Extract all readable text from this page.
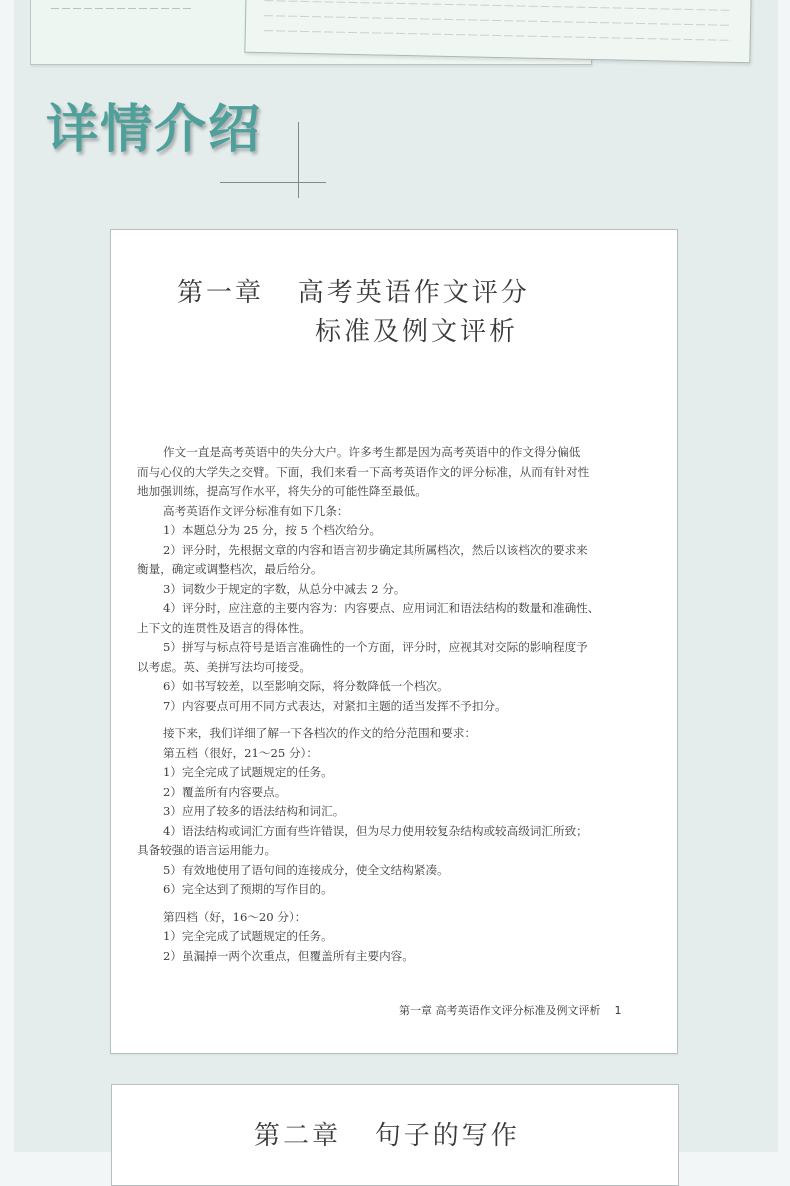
详情介绍
第一章   高考英语作文评分
标准及例文评析

作文一直是高考英语中的失分大户。许多考生都是因为高考英语中的作文得分偏低

而与心仪的大学失之交臂。下面，我们来看一下高考英语作文的评分标准，从而有针对性

地加强训练，提高写作水平，将失分的可能性降至最低。

高考英语作文评分标准有如下几条：

1）本题总分为 25 分，按 5 个档次给分。

2）评分时，先根据文章的内容和语言初步确定其所属档次，然后以该档次的要求来

衡量，确定或调整档次，最后给分。

3）词数少于规定的字数，从总分中减去 2 分。

4）评分时，应注意的主要内容为：内容要点、应用词汇和语法结构的数量和准确性、

上下文的连贯性及语言的得体性。

5）拼写与标点符号是语言准确性的一个方面，评分时，应视其对交际的影响程度予

以考虑。英、美拼写法均可接受。

6）如书写较差，以至影响交际，将分数降低一个档次。

7）内容要点可用不同方式表达，对紧扣主题的适当发挥不予扣分。

接下来，我们详细了解一下各档次的作文的给分范围和要求：

第五档（很好，21～25 分）：

1）完全完成了试题规定的任务。

2）覆盖所有内容要点。

3）应用了较多的语法结构和词汇。

4）语法结构或词汇方面有些许错误，但为尽力使用较复杂结构或较高级词汇所致；

具备较强的语言运用能力。

5）有效地使用了语句间的连接成分，使全文结构紧凑。

6）完全达到了预期的写作目的。

第四档（好，16～20 分）：

1）完全完成了试题规定的任务。

2）虽漏掉一两个次重点，但覆盖所有主要内容。

第一章 高考英语作文评分标准及例文评析 1
第二章   句子的写作
